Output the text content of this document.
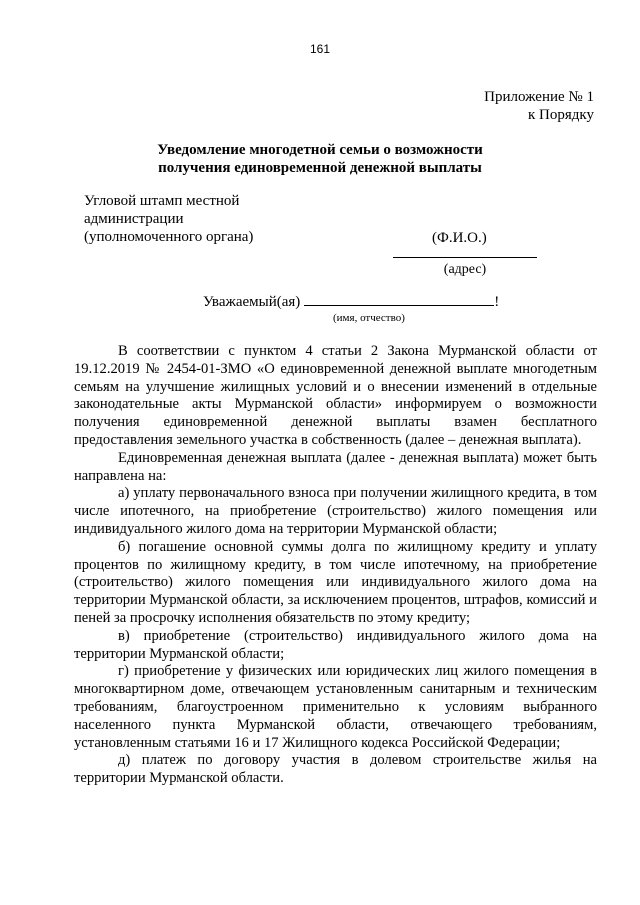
161
Приложение № 1
к Порядку
Уведомление многодетной семьи о возможности
получения единовременной денежной выплаты
Угловой штамп местной
администрации
(уполномоченного органа)	(Ф.И.О.)
(адрес)
Уважаемый(ая)	!
(имя, отчество)

В соответствии с пунктом 4 статьи 2 Закона Мурманской области от 19.12.2019 № 2454-01-ЗМО «О единовременной денежной выплате многодетным семьям на улучшение жилищных условий и о внесении изменений в отдельные законодательные акты Мурманской области» информируем о возможности получения единовременной денежной выплаты взамен бесплатного предоставления земельного участка в собственность (далее – денежная выплата).

Единовременная денежная выплата (далее - денежная выплата) может быть направлена на:

а) уплату первоначального взноса при получении жилищного кредита, в том числе ипотечного, на приобретение (строительство) жилого помещения или индивидуального жилого дома на территории Мурманской области;

б) погашение основной суммы долга по жилищному кредиту и уплату процентов по жилищному кредиту, в том числе ипотечному, на приобретение (строительство) жилого помещения или индивидуального жилого дома на территории Мурманской области, за исключением процентов, штрафов, комиссий и пеней за просрочку исполнения обязательств по этому кредиту;

в) приобретение (строительство) индивидуального жилого дома на территории Мурманской области;

г) приобретение у физических или юридических лиц жилого помещения в многоквартирном доме, отвечающем установленным санитарным и техническим требованиям, благоустроенном применительно к условиям выбранного населенного пункта Мурманской области, отвечающего требованиям, установленным статьями 16 и 17 Жилищного кодекса Российской Федерации;

д) платеж по договору участия в долевом строительстве жилья на территории Мурманской области.
